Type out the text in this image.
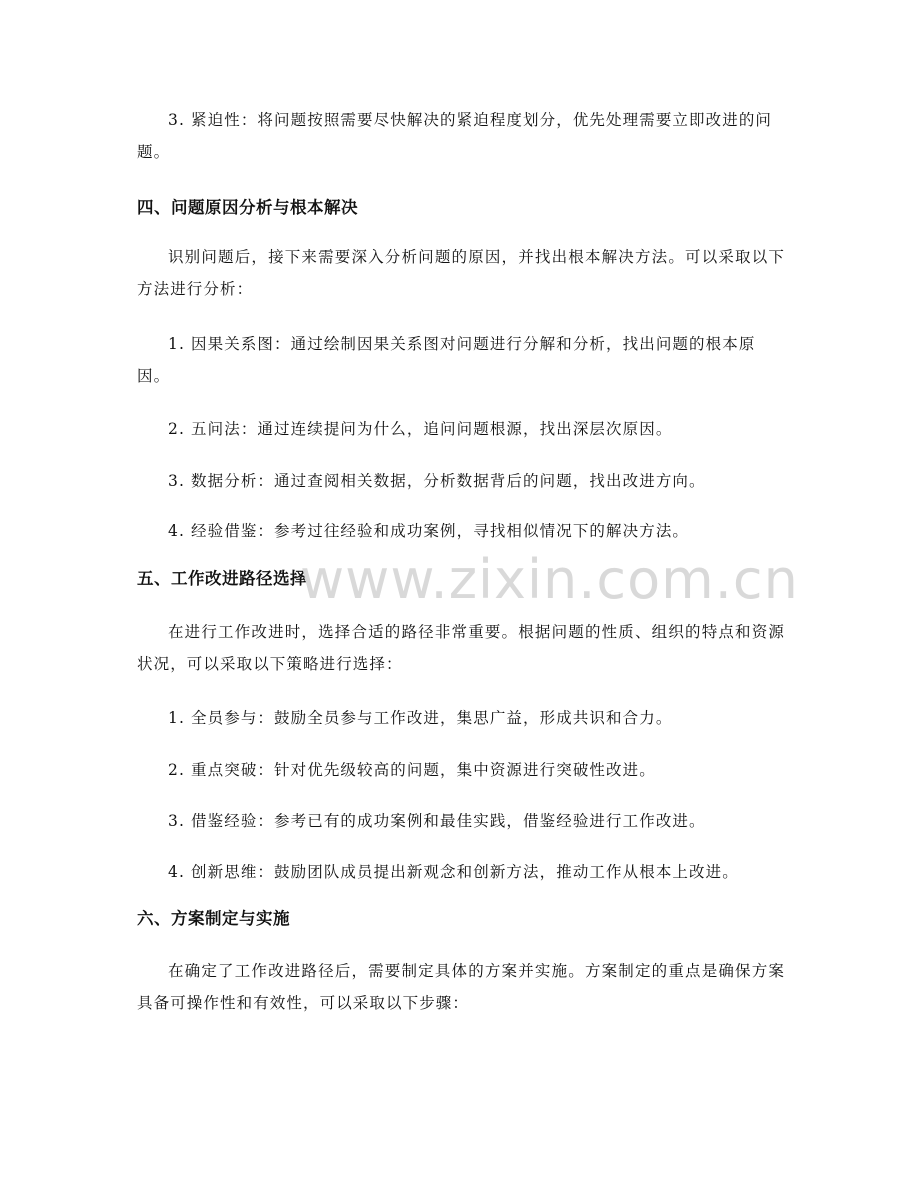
3. 紧迫性：将问题按照需要尽快解决的紧迫程度划分，优先处理需要立即改进的问题。

四、问题原因分析与根本解决

识别问题后，接下来需要深入分析问题的原因，并找出根本解决方法。可以采取以下方法进行分析：

1. 因果关系图：通过绘制因果关系图对问题进行分解和分析，找出问题的根本原因。

2. 五问法：通过连续提问为什么，追问问题根源，找出深层次原因。

3. 数据分析：通过查阅相关数据，分析数据背后的问题，找出改进方向。

4. 经验借鉴：参考过往经验和成功案例，寻找相似情况下的解决方法。

五、工作改进路径选择

在进行工作改进时，选择合适的路径非常重要。根据问题的性质、组织的特点和资源状况，可以采取以下策略进行选择：

1. 全员参与：鼓励全员参与工作改进，集思广益，形成共识和合力。

2. 重点突破：针对优先级较高的问题，集中资源进行突破性改进。

3. 借鉴经验：参考已有的成功案例和最佳实践，借鉴经验进行工作改进。

4. 创新思维：鼓励团队成员提出新观念和创新方法，推动工作从根本上改进。

六、方案制定与实施

在确定了工作改进路径后，需要制定具体的方案并实施。方案制定的重点是确保方案具备可操作性和有效性，可以采取以下步骤：

www.zixin.com.cn
